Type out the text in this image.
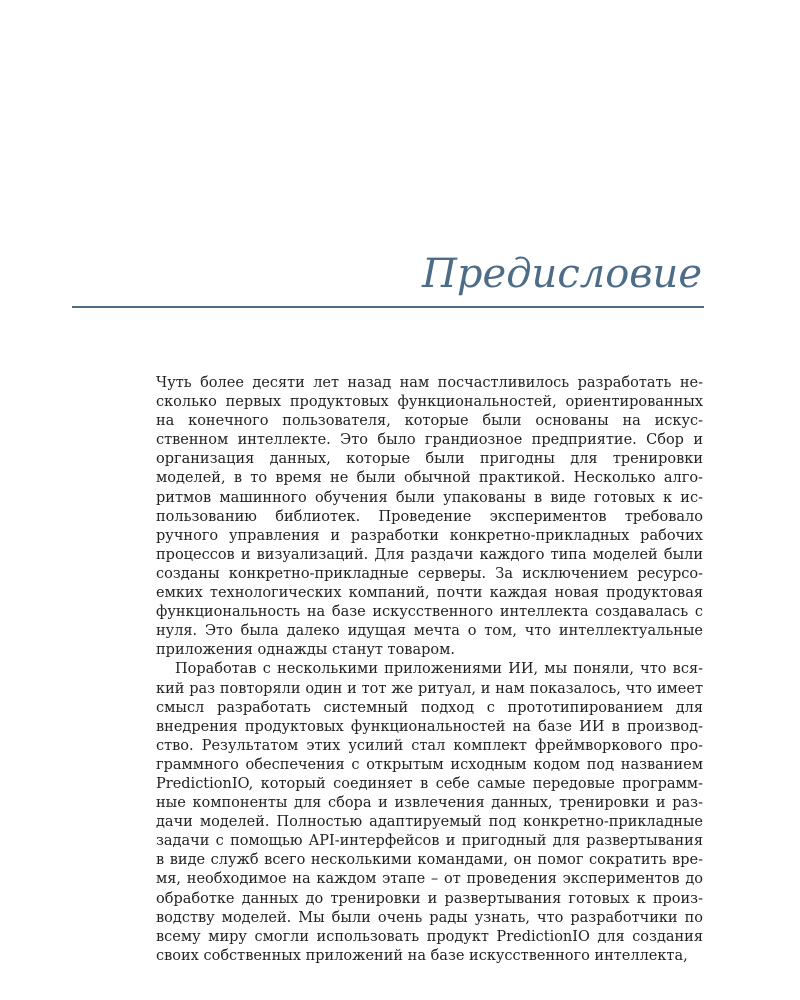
Предисловие

Чуть более десяти лет назад нам посчастливилось разработать несколько первых продуктовых функциональностей, ориентированных на конечного пользователя, которые были основаны на искусственном интеллекте. Это было грандиозное предприятие. Сбор и организация данных, которые были пригодны для тренировки моделей, в то время не были обычной практикой. Несколько алгоритмов машинного обучения были упакованы в виде готовых к использованию библиотек. Проведение экспериментов требовало ручного управления и разработки конкретно-прикладных рабочих процессов и визуализаций. Для раздачи каждого типа моделей были созданы конкретно-прикладные серверы. За исключением ресурсоемких технологических компаний, почти каждая новая продуктовая функциональность на базе искусственного интеллекта создавалась с нуля. Это была далеко идущая мечта о том, что интеллектуальные приложения однажды станут товаром.

Поработав с несколькими приложениями ИИ, мы поняли, что всякий раз повторяли один и тот же ритуал, и нам показалось, что имеет смысл разработать системный подход с прототипированием для внедрения продуктовых функциональностей на базе ИИ в производство. Результатом этих усилий стал комплект фреймворкового программного обеспечения с открытым исходным кодом под названием PredictionIO, который соединяет в себе самые передовые программные компоненты для сбора и извлечения данных, тренировки и раздачи моделей. Полностью адаптируемый под конкретно-прикладные задачи с помощью API-интерфейсов и пригодный для развертывания в виде служб всего несколькими командами, он помог сократить время, необходимое на каждом этапе – от проведения экспериментов до обработке данных до тренировки и развертывания готовых к производству моделей. Мы были очень рады узнать, что разработчики по всему миру смогли использовать продукт PredictionIO для создания своих собственных приложений на базе искусственного интеллекта,
